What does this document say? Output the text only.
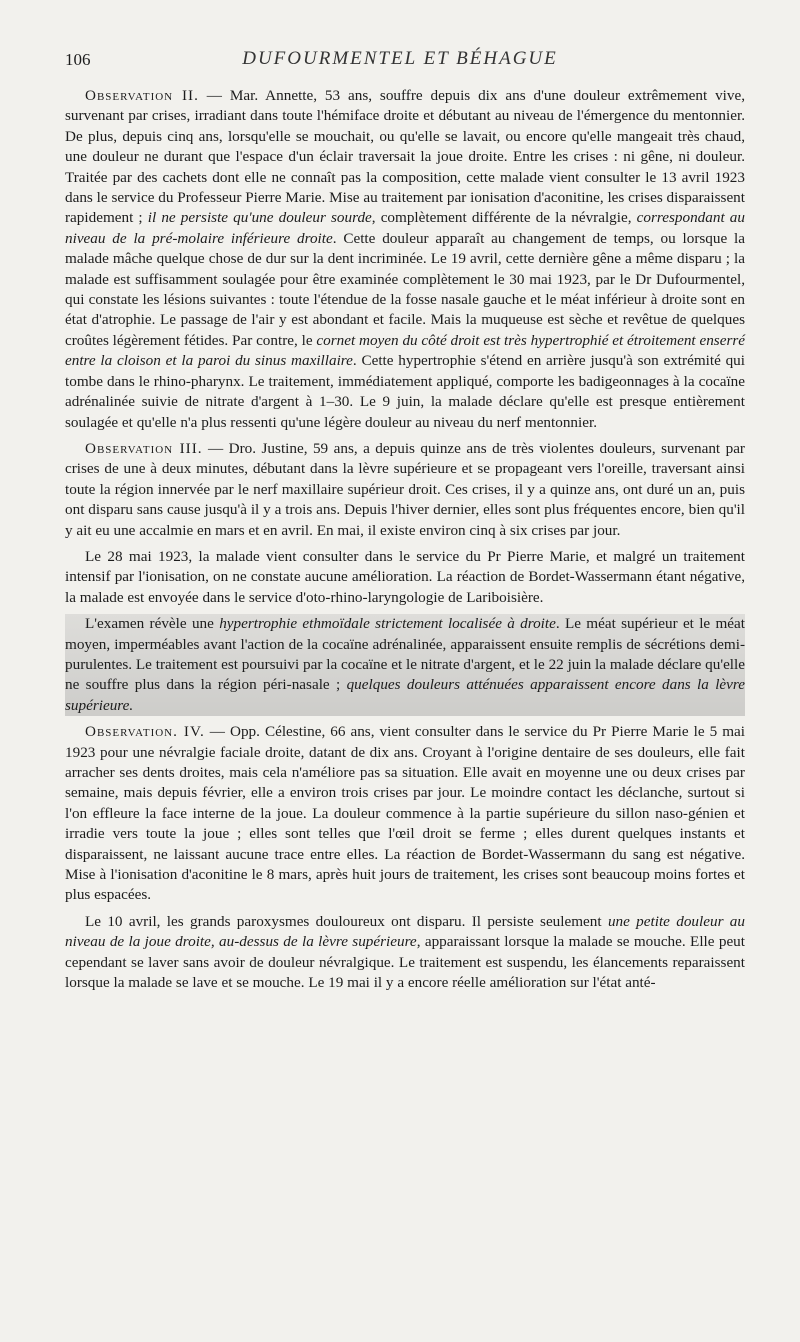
106	DUFOURMENTEL ET BÉHAGUE

Observation II. — Mar. Annette, 53 ans, souffre depuis dix ans d'une douleur extrêmement vive, survenant par crises, irradiant dans toute l'hémiface droite et débutant au niveau de l'émergence du mentonnier. De plus, depuis cinq ans, lorsqu'elle se mouchait, ou qu'elle se lavait, ou encore qu'elle mangeait très chaud, une douleur ne durant que l'espace d'un éclair traversait la joue droite. Entre les crises : ni gêne, ni douleur. Traitée par des cachets dont elle ne connaît pas la composition, cette malade vient consulter le 13 avril 1923 dans le service du Professeur Pierre Marie. Mise au traitement par ionisation d'aconitine, les crises disparaissent rapidement ; il ne persiste qu'une douleur sourde, complètement différente de la névralgie, correspondant au niveau de la pré-molaire inférieure droite. Cette douleur apparaît au changement de temps, ou lorsque la malade mâche quelque chose de dur sur la dent incriminée. Le 19 avril, cette dernière gêne a même disparu ; la malade est suffisamment soulagée pour être examinée complètement le 30 mai 1923, par le Dr Dufourmentel, qui constate les lésions suivantes : toute l'étendue de la fosse nasale gauche et le méat inférieur à droite sont en état d'atrophie. Le passage de l'air y est abondant et facile. Mais la muqueuse est sèche et revêtue de quelques croûtes légèrement fétides. Par contre, le cornet moyen du côté droit est très hypertrophié et étroitement enserré entre la cloison et la paroi du sinus maxillaire. Cette hypertrophie s'étend en arrière jusqu'à son extrémité qui tombe dans le rhino-pharynx. Le traitement, immédiatement appliqué, comporte les badigeonnages à la cocaïne adrénalinée suivie de nitrate d'argent à 1–30. Le 9 juin, la malade déclare qu'elle est presque entièrement soulagée et qu'elle n'a plus ressenti qu'une légère douleur au niveau du nerf mentonnier.

Observation III. — Dro. Justine, 59 ans, a depuis quinze ans de très violentes douleurs, survenant par crises de une à deux minutes, débutant dans la lèvre supérieure et se propageant vers l'oreille, traversant ainsi toute la région innervée par le nerf maxillaire supérieur droit. Ces crises, il y a quinze ans, ont duré un an, puis ont disparu sans cause jusqu'à il y a trois ans. Depuis l'hiver dernier, elles sont plus fréquentes encore, bien qu'il y ait eu une accalmie en mars et en avril. En mai, il existe environ cinq à six crises par jour.

Le 28 mai 1923, la malade vient consulter dans le service du Pr Pierre Marie, et malgré un traitement intensif par l'ionisation, on ne constate aucune amélioration. La réaction de Bordet-Wassermann étant négative, la malade est envoyée dans le service d'oto-rhino-laryngologie de Lariboisière.

L'examen révèle une hypertrophie ethmoïdale strictement localisée à droite. Le méat supérieur et le méat moyen, imperméables avant l'action de la cocaïne adrénalinée, apparaissent ensuite remplis de sécrétions demi-purulentes. Le traitement est poursuivi par la cocaïne et le nitrate d'argent, et le 22 juin la malade déclare qu'elle ne souffre plus dans la région péri-nasale ; quelques douleurs atténuées apparaissent encore dans la lèvre supérieure.

Observation. IV. — Opp. Célestine, 66 ans, vient consulter dans le service du Pr Pierre Marie le 5 mai 1923 pour une névralgie faciale droite, datant de dix ans. Croyant à l'origine dentaire de ses douleurs, elle fait arracher ses dents droites, mais cela n'améliore pas sa situation. Elle avait en moyenne une ou deux crises par semaine, mais depuis février, elle a environ trois crises par jour. Le moindre contact les déclanche, surtout si l'on effleure la face interne de la joue. La douleur commence à la partie supérieure du sillon naso-génien et irradie vers toute la joue ; elles sont telles que l'œil droit se ferme ; elles durent quelques instants et disparaissent, ne laissant aucune trace entre elles. La réaction de Bordet-Wassermann du sang est négative. Mise à l'ionisation d'aconitine le 8 mars, après huit jours de traitement, les crises sont beaucoup moins fortes et plus espacées.

Le 10 avril, les grands paroxysmes douloureux ont disparu. Il persiste seulement une petite douleur au niveau de la joue droite, au-dessus de la lèvre supérieure, apparaissant lorsque la malade se mouche. Elle peut cependant se laver sans avoir de douleur névralgique. Le traitement est suspendu, les élancements reparaissent lorsque la malade se lave et se mouche. Le 19 mai il y a encore réelle amélioration sur l'état anté-
